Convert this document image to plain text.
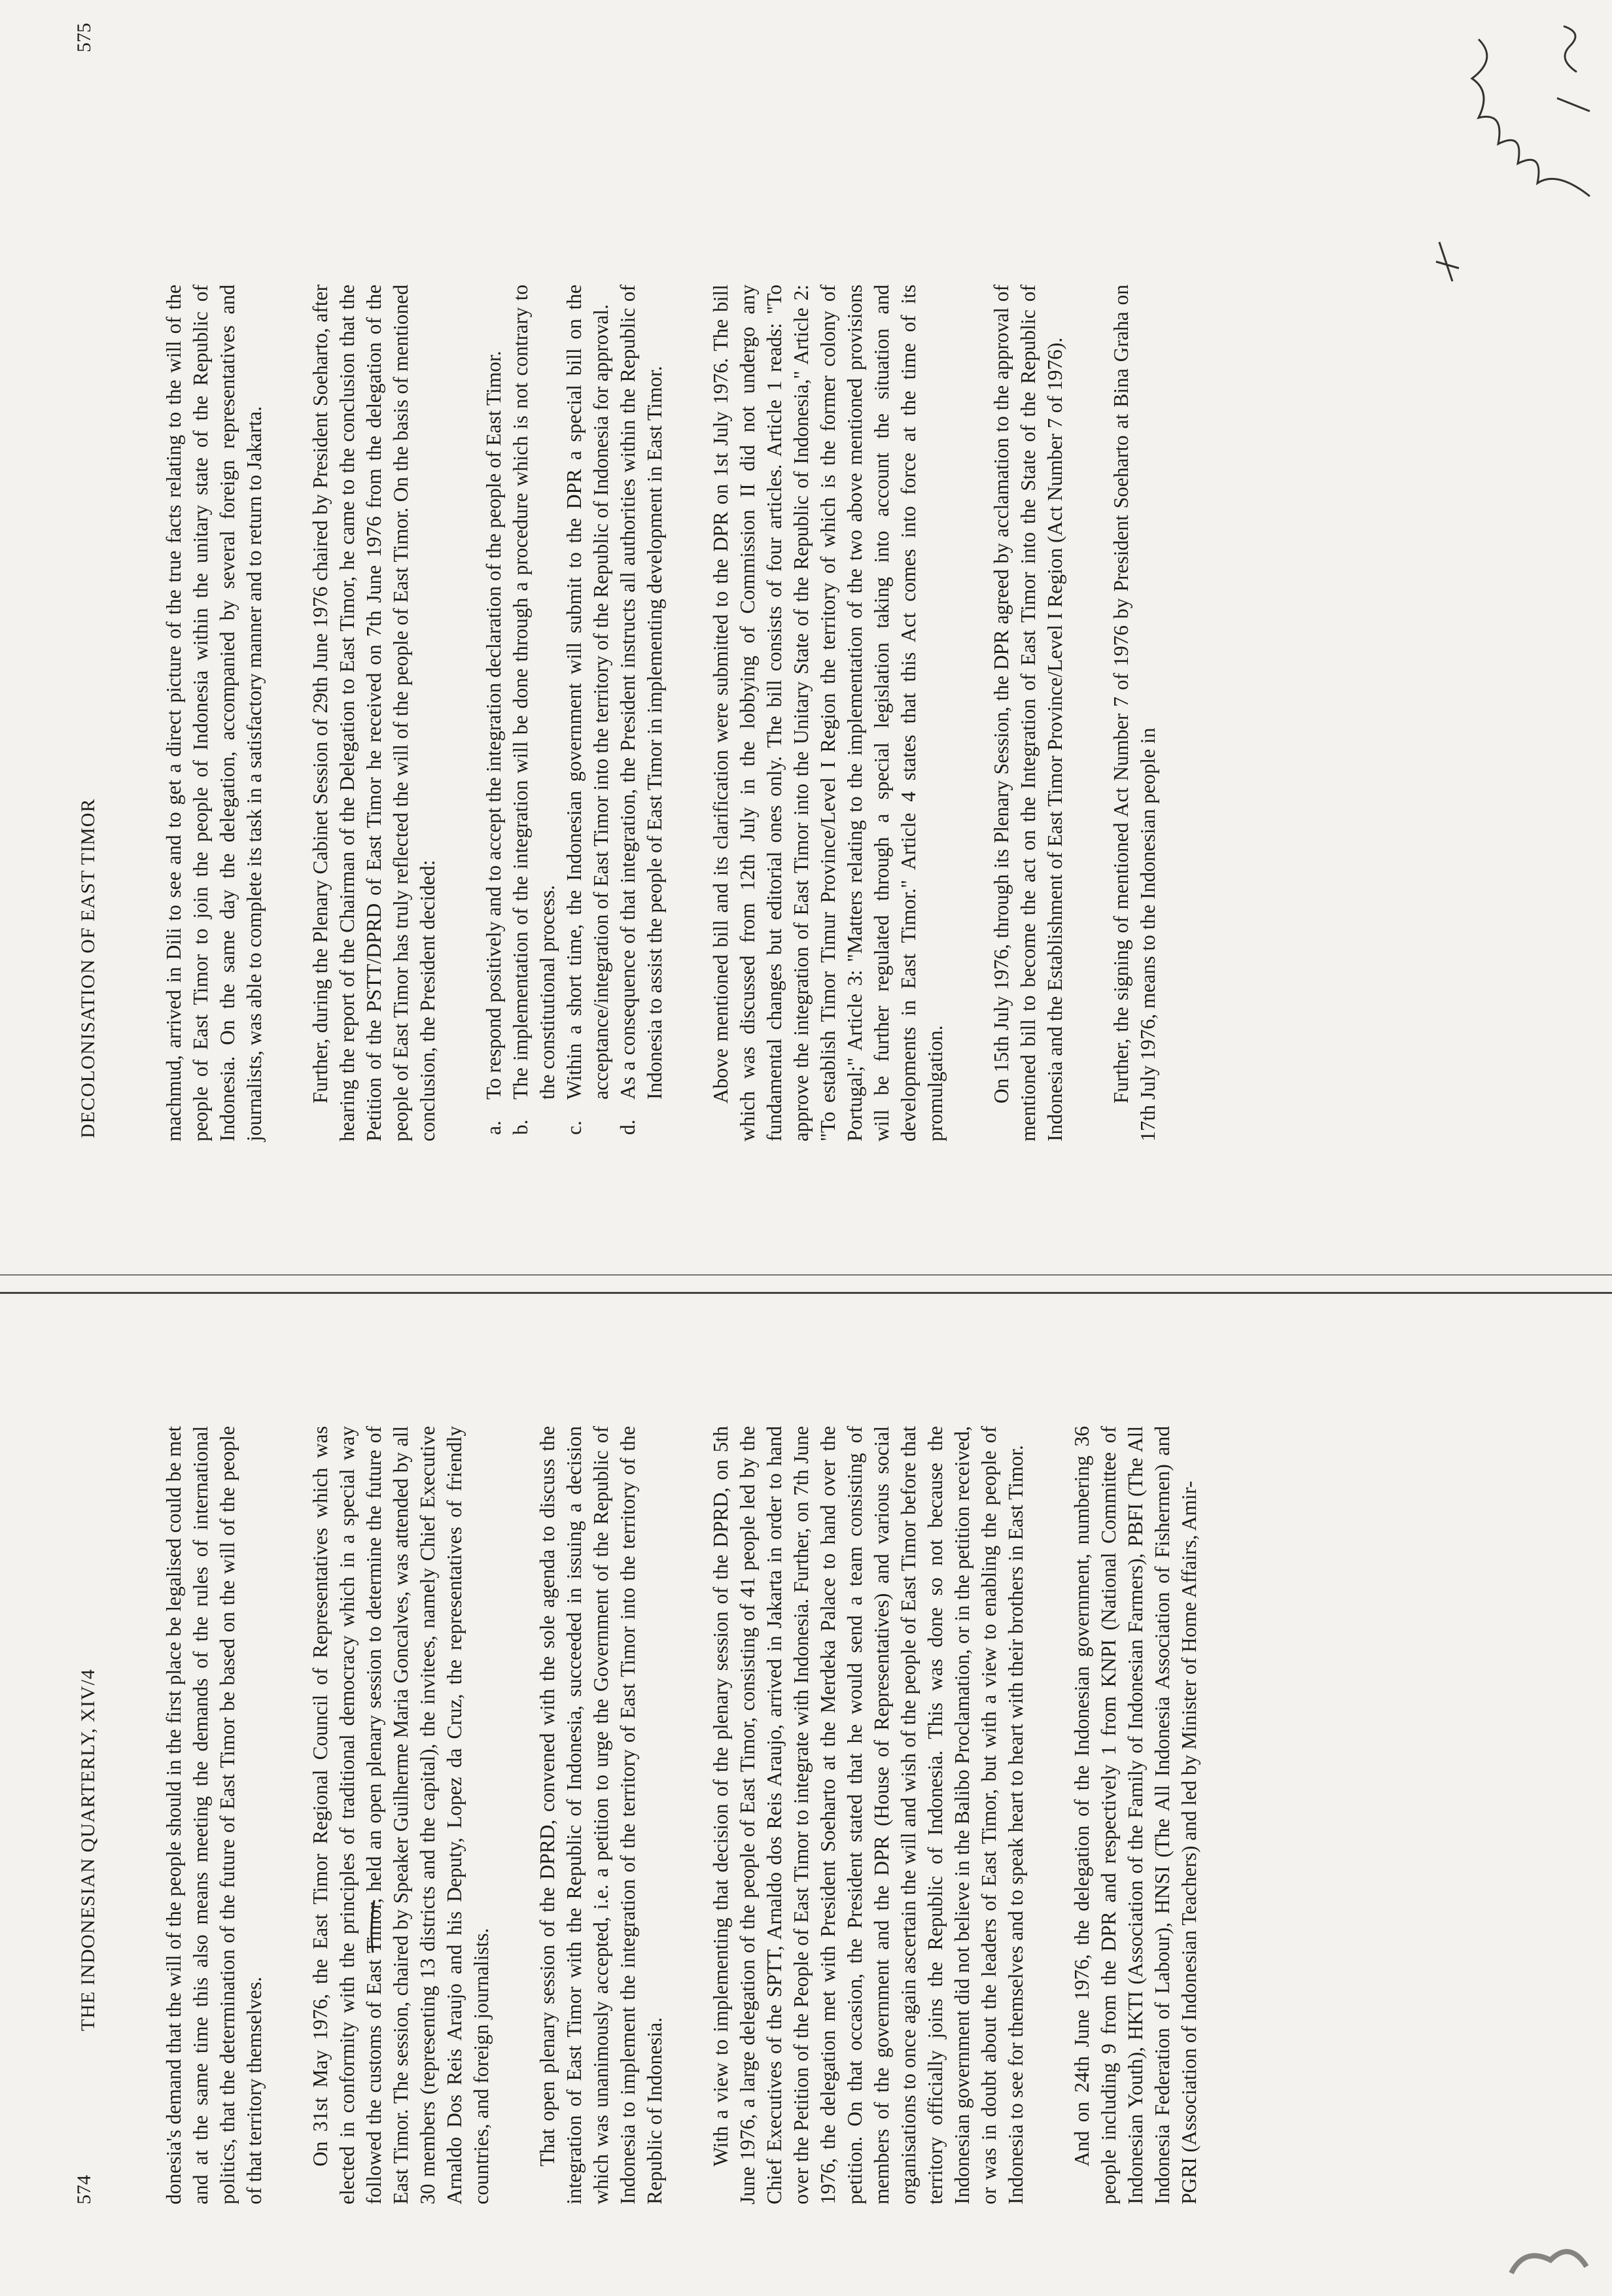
574
THE INDONESIAN QUARTERLY, XIV/4	donesia's demand that the will of the people should in the first place be legalised could be met and at the same time this also means meeting the demands of the rules of international politics, that the determination of the future of East Timor be based on the will of the people of that territory themselves. On 31st May 1976, the East Timor Regional Council of Representatives which was elected in conformity with the principles of traditional democracy which in a special way followed the customs of East Timor, held an open plenary session to determine the future of East Timor. The session, chaired by Speaker Guilherme Maria Goncalves, was attended by all 30 members (representing 13 districts and the capital), the invitees, namely Chief Executive Arnaldo Dos Reis Araujo and his Deputy, Lopez da Cruz, the representatives of friendly countries, and foreign journalists. That open plenary session of the DPRD, convened with the sole agenda to discuss the integration of East Timor with the Republic of Indonesia, succeeded in issuing a decision which was unanimously accepted, i.e. a petition to urge the Government of the Republic of Indonesia to implement the integration of the territory of East Timor into the territory of the Republic of Indonesia. With a view to implementing that decision of the plenary session of the DPRD, on 5th June 1976, a large delegation of the people of East Timor, consisting of 41 people led by the Chief Executives of the SPTT, Arnaldo dos Reis Araujo, arrived in Jakarta in order to hand over the Petition of the People of East Timor to integrate with Indonesia. Further, on 7th June 1976, the delegation met with President Soeharto at the Merdeka Palace to hand over the petition. On that occasion, the President stated that he would send a team consisting of members of the government and the DPR (House of Representatives) and various social organisations to once again ascertain the will and wish of the people of East Timor before that territory officially joins the Republic of Indonesia. This was done so not because the Indonesian government did not believe in the Balibo Proclamation, or in the petition received, or was in doubt about the leaders of East Timor, but with a view to enabling the people of Indonesia to see for themselves and to speak heart to heart with their brothers in East Timor. And on 24th June 1976, the delegation of the Indonesian government, numbering 36 people including 9 from the DPR and respectively 1 from KNPI (National Committee of Indonesian Youth), HKTI (Association of the Family of Indonesian Farmers), PBFI (The All Indonesia Federation of Labour), HNSI (The All Indonesia Association of Fishermen) and PGRI (Association of Indonesian Teachers) and led by Minister of Home Affairs, Amir-

DECOLONISATION OF EAST TIMOR
575

machmud, arrived in Dili to see and to get a direct picture of the true facts relating to the will of the people of East Timor to join the people of Indonesia within the unitary state of the Republic of Indonesia. On the same day the delegation, accompanied by several foreign representatives and journalists, was able to complete its task in a satisfactory manner and to return to Jakarta. Further, during the Plenary Cabinet Session of 29th June 1976 chaired by President Soeharto, after hearing the report of the Chairman of the Delegation to East Timor, he came to the conclusion that the Petition of the PSTT/DPRD of East Timor he received on 7th June 1976 from the delegation of the people of East Timor has truly reflected the will of the people of East Timor. On the basis of mentioned conclusion, the President decided: a.
To respond positively and to accept the integration declaration of the people of East Timor.
b.
The implementation of the integration will be done through a procedure which is not contrary to the constitutional process.
c.
Within a short time, the Indonesian government will submit to the DPR a special bill on the acceptance/integration of East Timor into the territory of the Republic of Indonesia for approval.
d.
As a consequence of that integration, the President instructs all authorities within the Republic of Indonesia to assist the people of East Timor in implementing development in East Timor. Above mentioned bill and its clarification were submitted to the DPR on 1st July 1976. The bill which was discussed from 12th July in the lobbying of Commission II did not undergo any fundamental changes but editorial ones only. The bill consists of four articles. Article 1 reads: "To approve the integration of East Timor into the Unitary State of the Republic of Indonesia," Article 2: "To establish Timor Timur Province/Level I Region the territory of which is the former colony of Portugal;" Article 3: "Matters relating to the implementation of the two above mentioned provisions will be further regulated through a special legislation taking into account the situation and developments in East Timor." Article 4 states that this Act comes into force at the time of its promulgation. On 15th July 1976, through its Plenary Session, the DPR agreed by acclamation to the approval of mentioned bill to become the act on the Integration of East Timor into the State of the Republic of Indonesia and the Establishment of East Timor Province/Level I Region (Act Number 7 of 1976). Further, the signing of mentioned Act Number 7 of 1976 by President Soeharto at Bina Graha on 17th July 1976, means to the Indonesian people in
